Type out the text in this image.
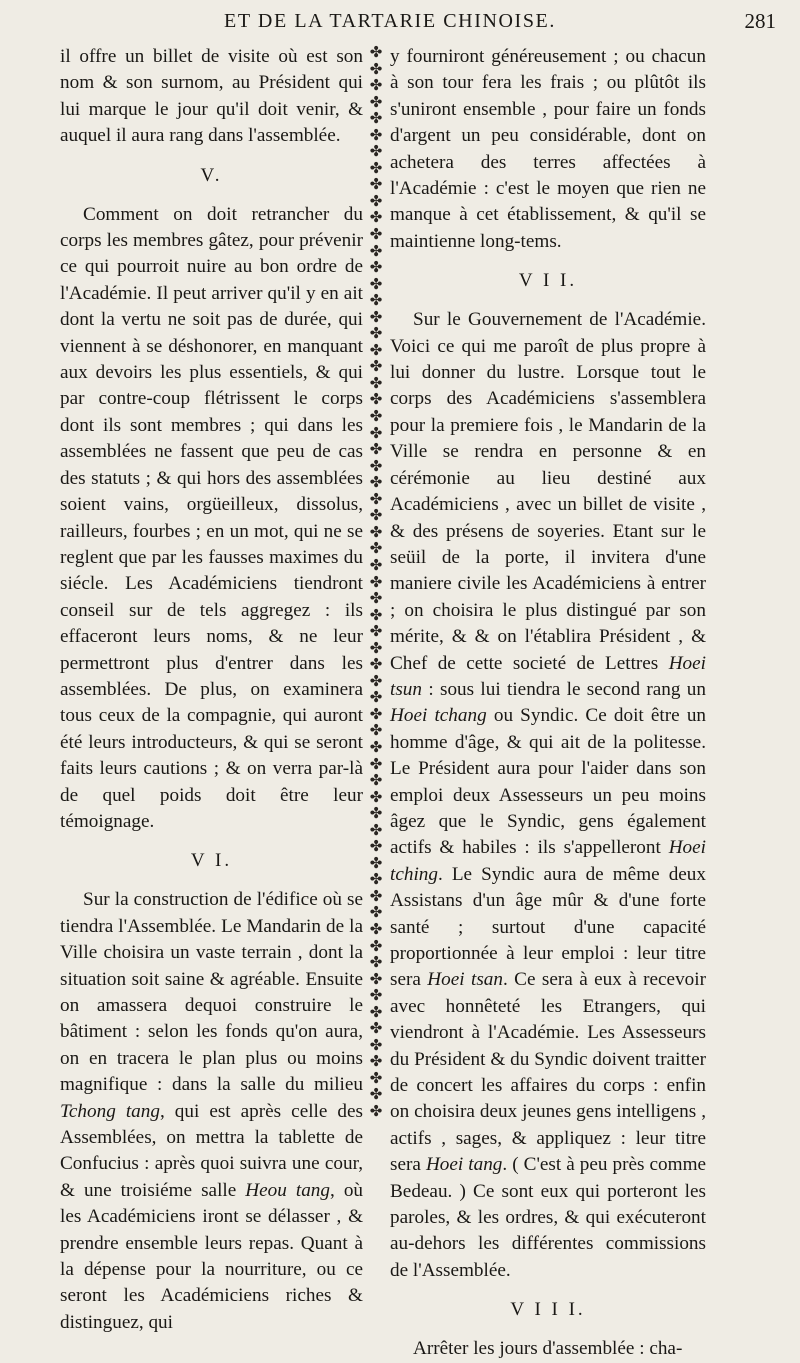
ET DE LA TARTARIE CHINOISE.	281

il offre un billet de visite où est son nom & son surnom, au Président qui lui marque le jour qu'il doit venir, & auquel il aura rang dans l'assemblée.

V.

Comment on doit retrancher du corps les membres gâtez, pour prévenir ce qui pourroit nuire au bon ordre de l'Académie. Il peut arriver qu'il y en ait dont la vertu ne soit pas de durée, qui viennent à se déshonorer, en manquant aux devoirs les plus essentiels, & qui par contre-coup flétrissent le corps dont ils sont membres ; qui dans les assemblées ne fassent que peu de cas des statuts ; & qui hors des assemblées soient vains, orgüeilleux, dissolus, railleurs, fourbes ; en un mot, qui ne se reglent que par les fausses maximes du siécle. Les Académiciens tiendront conseil sur de tels aggregez : ils effaceront leurs noms, & ne leur permettront plus d'entrer dans les assemblées. De plus, on examinera tous ceux de la compagnie, qui auront été leurs introducteurs, & qui se seront faits leurs cautions ; & on verra par-là de quel poids doit être leur témoignage.

V I.

Sur la construction de l'édifice où se tiendra l'Assemblée. Le Mandarin de la Ville choisira un vaste terrain , dont la situation soit saine & agréable. Ensuite on amassera dequoi construire le bâtiment : selon les fonds qu'on aura, on en tracera le plan plus ou moins magnifique : dans la salle du milieu Tchong tang, qui est après celle des Assemblées, on mettra la tablette de Confucius : après quoi suivra une cour, & une troisiéme salle Heou tang, où les Académiciens iront se délasser , & prendre ensemble leurs repas. Quant à la dépense pour la nourriture, ou ce seront les Académiciens riches & distinguez, qui

✤
✤
✤
✤
✤
✤
✤
✤
✤
✤
✤
✤
✤
✤
✤
✤
✤
✤
✤
✤
✤
✤
✤
✤
✤
✤
✤
✤
✤
✤
✤
✤
✤
✤
✤
✤
✤
✤
✤
✤
✤
✤
✤
✤
✤
✤
✤
✤
✤
✤
✤
✤
✤
✤
✤
✤
✤
✤
✤
✤
✤
✤
✤
✤
✤

y fourniront généreusement ; ou chacun à son tour fera les frais ; ou plûtôt ils s'uniront ensemble , pour faire un fonds d'argent un peu considérable, dont on achetera des terres affectées à l'Académie : c'est le moyen que rien ne manque à cet établissement, & qu'il se maintienne long-tems.

V I I.

Sur le Gouvernement de l'Académie. Voici ce qui me paroît de plus propre à lui donner du lustre. Lorsque tout le corps des Académiciens s'assemblera pour la premiere fois , le Mandarin de la Ville se rendra en personne & en cérémonie au lieu destiné aux Académiciens , avec un billet de visite , & des présens de soyeries. Etant sur le seüil de la porte, il invitera d'une maniere civile les Académiciens à entrer ; on choisira le plus distingué par son mérite, & & on l'établira Président , & Chef de cette societé de Lettres Hoei tsun : sous lui tiendra le second rang un Hoei tchang ou Syndic. Ce doit être un homme d'âge, & qui ait de la politesse. Le Président aura pour l'aider dans son emploi deux Assesseurs un peu moins âgez que le Syndic, gens également actifs & habiles : ils s'appelleront Hoei tching. Le Syndic aura de même deux Assistans d'un âge mûr & d'une forte santé ; surtout d'une capacité proportionnée à leur emploi : leur titre sera Hoei tsan. Ce sera à eux à recevoir avec honnêteté les Etrangers, qui viendront à l'Académie. Les Assesseurs du Président & du Syndic doivent traitter de concert les affaires du corps : enfin on choisira deux jeunes gens intelligens , actifs , sages, & appliquez : leur titre sera Hoei tang. ( C'est à peu près comme Bedeau. ) Ce sont eux qui porteront les paroles, & les ordres, & qui exécuteront au-dehors les différentes commissions de l'Assemblée.

V I I I.

Arrêter les jours d'assemblée : cha-
